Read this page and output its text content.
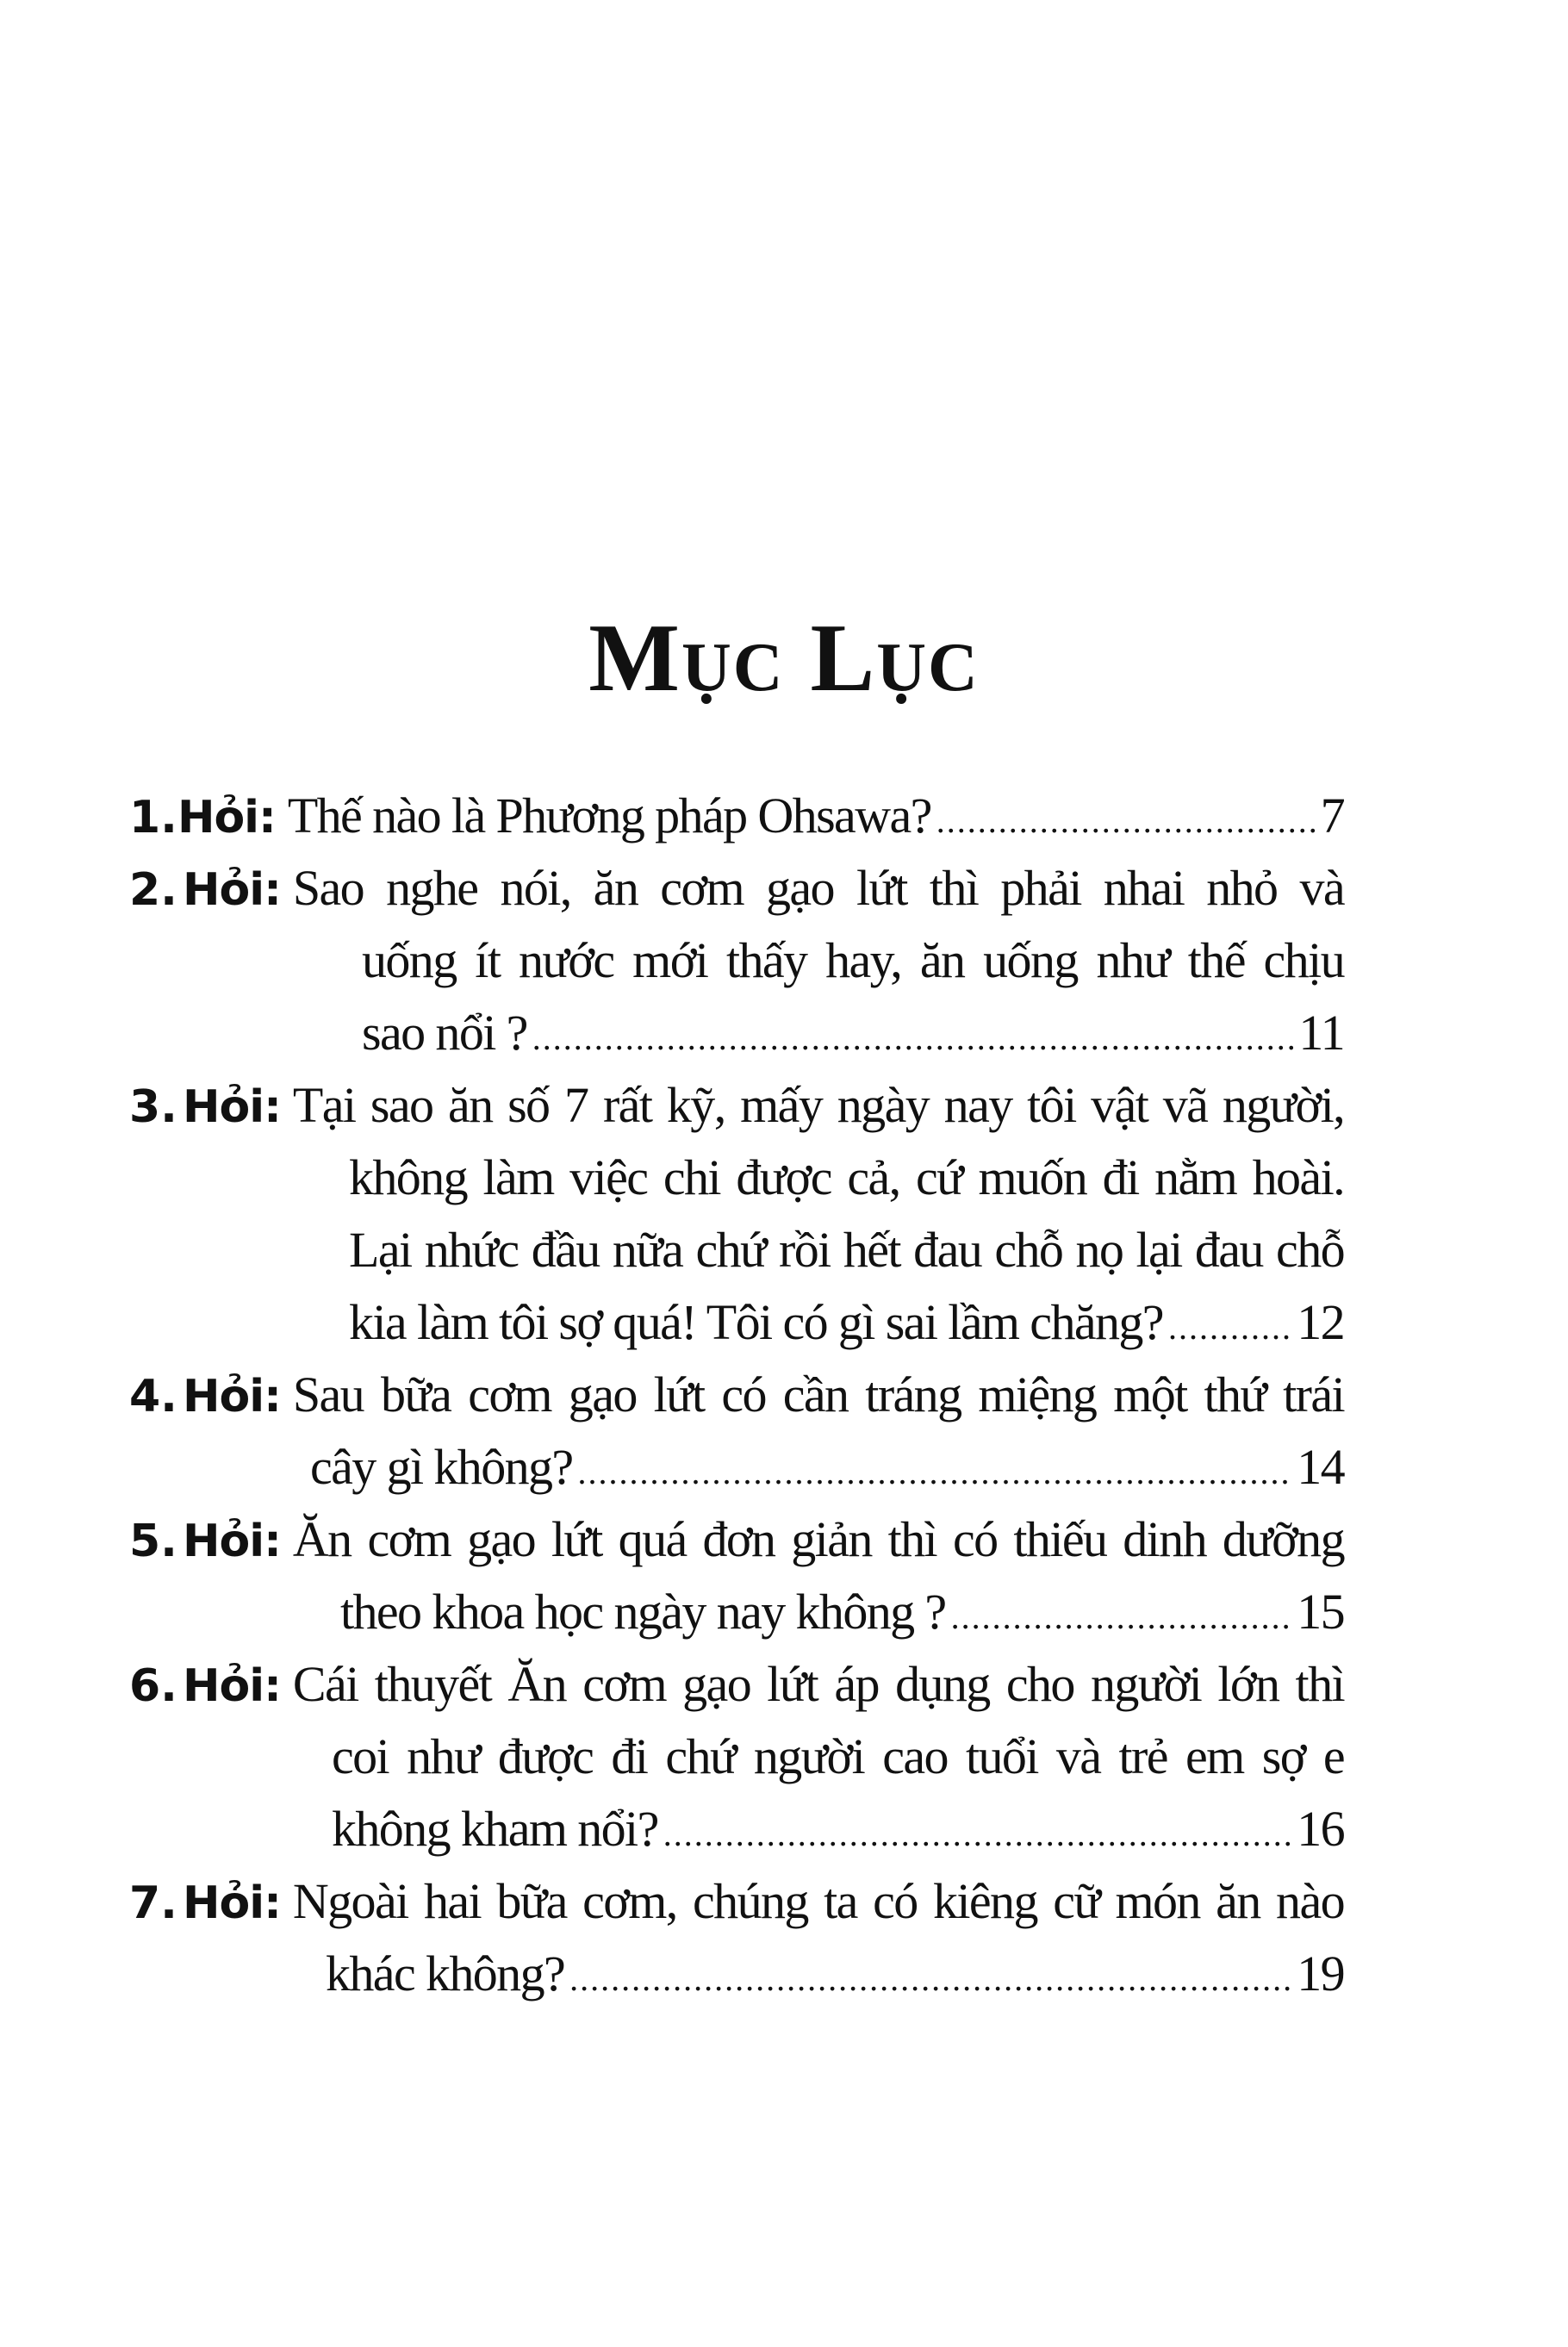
MỤC LỤC
1. Hỏi: Thế nào là Phương pháp Ohsawa? .....	7
2. Hỏi: Sao nghe nói, ăn cơm gạo lứt thì phải nhai nhỏ và
uống ít nước mới thấy hay, ăn uống như thế chịu
sao nổi ? .....	11
3. Hỏi: Tại sao ăn số 7 rất kỹ, mấy ngày nay tôi vật vã người,
không làm việc chi được cả, cứ muốn đi nằm hoài.
Lại nhức đầu nữa chứ rồi hết đau chỗ nọ lại đau chỗ
kia làm tôi sợ quá! Tôi có gì sai lầm chăng? .....	12
4. Hỏi: Sau bữa cơm gạo lứt có cần tráng miệng một thứ trái
cây gì không? .....	14
5. Hỏi: Ăn cơm gạo lứt quá đơn giản thì có thiếu dinh dưỡng
theo khoa học ngày nay không ? .....	15
6. Hỏi: Cái thuyết Ăn cơm gạo lứt áp dụng cho người lớn thì
coi như được đi chứ người cao tuổi và trẻ em sợ e
không kham nổi? .....	16
7. Hỏi: Ngoài hai bữa cơm, chúng ta có kiêng cữ món ăn nào
khác không? .....	19
